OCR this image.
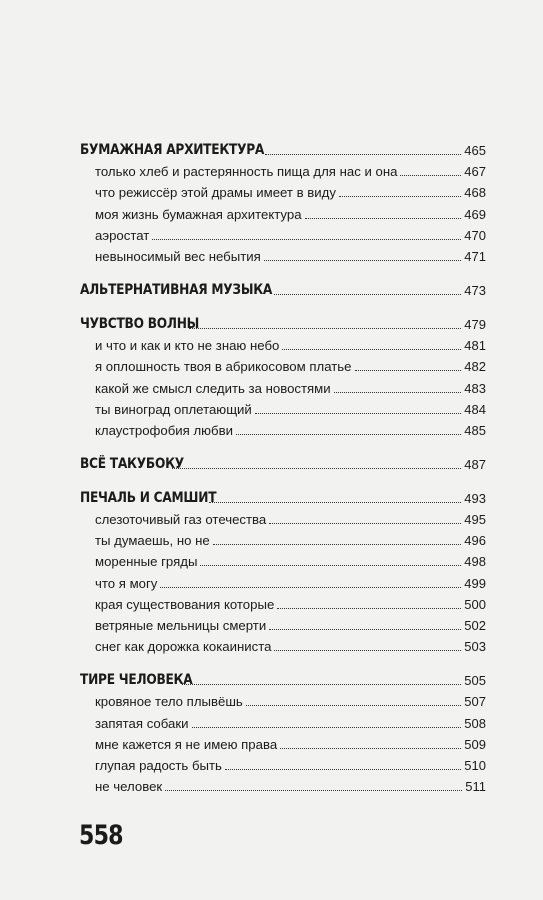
БУМАЖНАЯ АРХИТЕКТУРА	465
только хлеб и растерянность пища для нас и она	467
что режиссёр этой драмы имеет в виду	468
моя жизнь бумажная архитектура	469
аэростат	470
невыносимый вес небытия	471
АЛЬТЕРНАТИВНАЯ МУЗЫКА	473
ЧУВСТВО ВОЛНЫ	479
и что и как и кто не знаю небо	481
я оплошность твоя в абрикосовом платье	482
какой же смысл следить за новостями	483
ты виноград оплетающий	484
клаустрофобия любви	485
ВСЁ ТАКУБОКУ	487
ПЕЧАЛЬ И САМШИТ	493
слезоточивый газ отечества	495
ты думаешь, но не	496
моренные гряды	498
что я могу	499
края существования которые	500
ветряные мельницы смерти	502
снег как дорожка кокаиниста	503
ТИРЕ ЧЕЛОВЕКА	505
кровяное тело плывёшь	507
запятая собаки	508
мне кажется я не имею права	509
глупая радость быть	510
не человек	511
558
